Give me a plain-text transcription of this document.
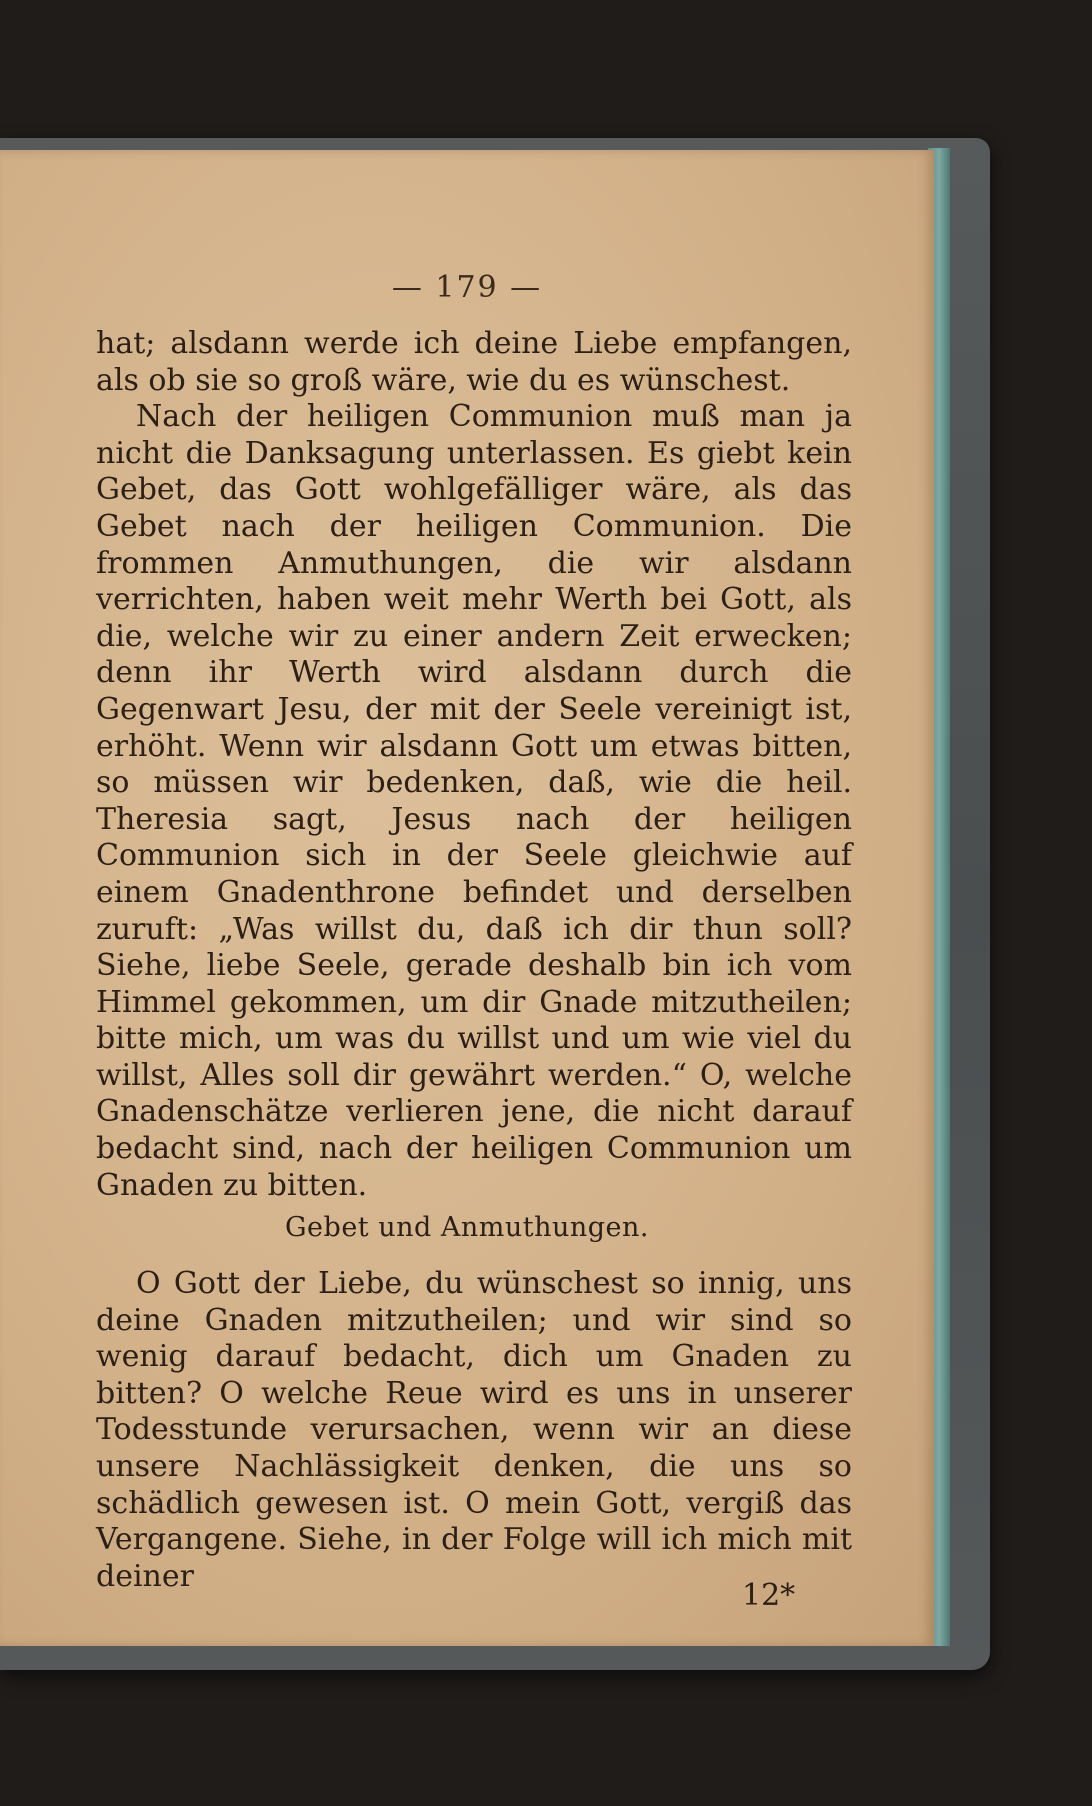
— 179 —

hat; alsdann werde ich deine Liebe empfangen, als ob sie so groß wäre, wie du es wünschest.

Nach der heiligen Communion muß man ja nicht die Danksagung unterlassen. Es giebt kein Gebet, das Gott wohlgefälliger wäre, als das Gebet nach der heiligen Communion. Die frommen Anmuthungen, die wir alsdann verrichten, haben weit mehr Werth bei Gott, als die, welche wir zu einer andern Zeit erwecken; denn ihr Werth wird alsdann durch die Gegenwart Jesu, der mit der Seele vereinigt ist, erhöht. Wenn wir alsdann Gott um etwas bitten, so müssen wir bedenken, daß, wie die heil. Theresia sagt, Jesus nach der heiligen Communion sich in der Seele gleichwie auf einem Gnadenthrone befindet und derselben zuruft: „Was willst du, daß ich dir thun soll? Siehe, liebe Seele, gerade deshalb bin ich vom Himmel gekommen, um dir Gnade mitzutheilen; bitte mich, um was du willst und um wie viel du willst, Alles soll dir gewährt werden.“ O, welche Gnadenschätze verlieren jene, die nicht darauf bedacht sind, nach der heiligen Communion um Gnaden zu bitten.

Gebet und Anmuthungen.

O Gott der Liebe, du wünschest so innig, uns deine Gnaden mitzutheilen; und wir sind so wenig darauf bedacht, dich um Gnaden zu bitten? O welche Reue wird es uns in unserer Todesstunde verursachen, wenn wir an diese unsere Nachlässigkeit denken, die uns so schädlich gewesen ist. O mein Gott, vergiß das Vergangene. Siehe, in der Folge will ich mich mit deiner

12*
